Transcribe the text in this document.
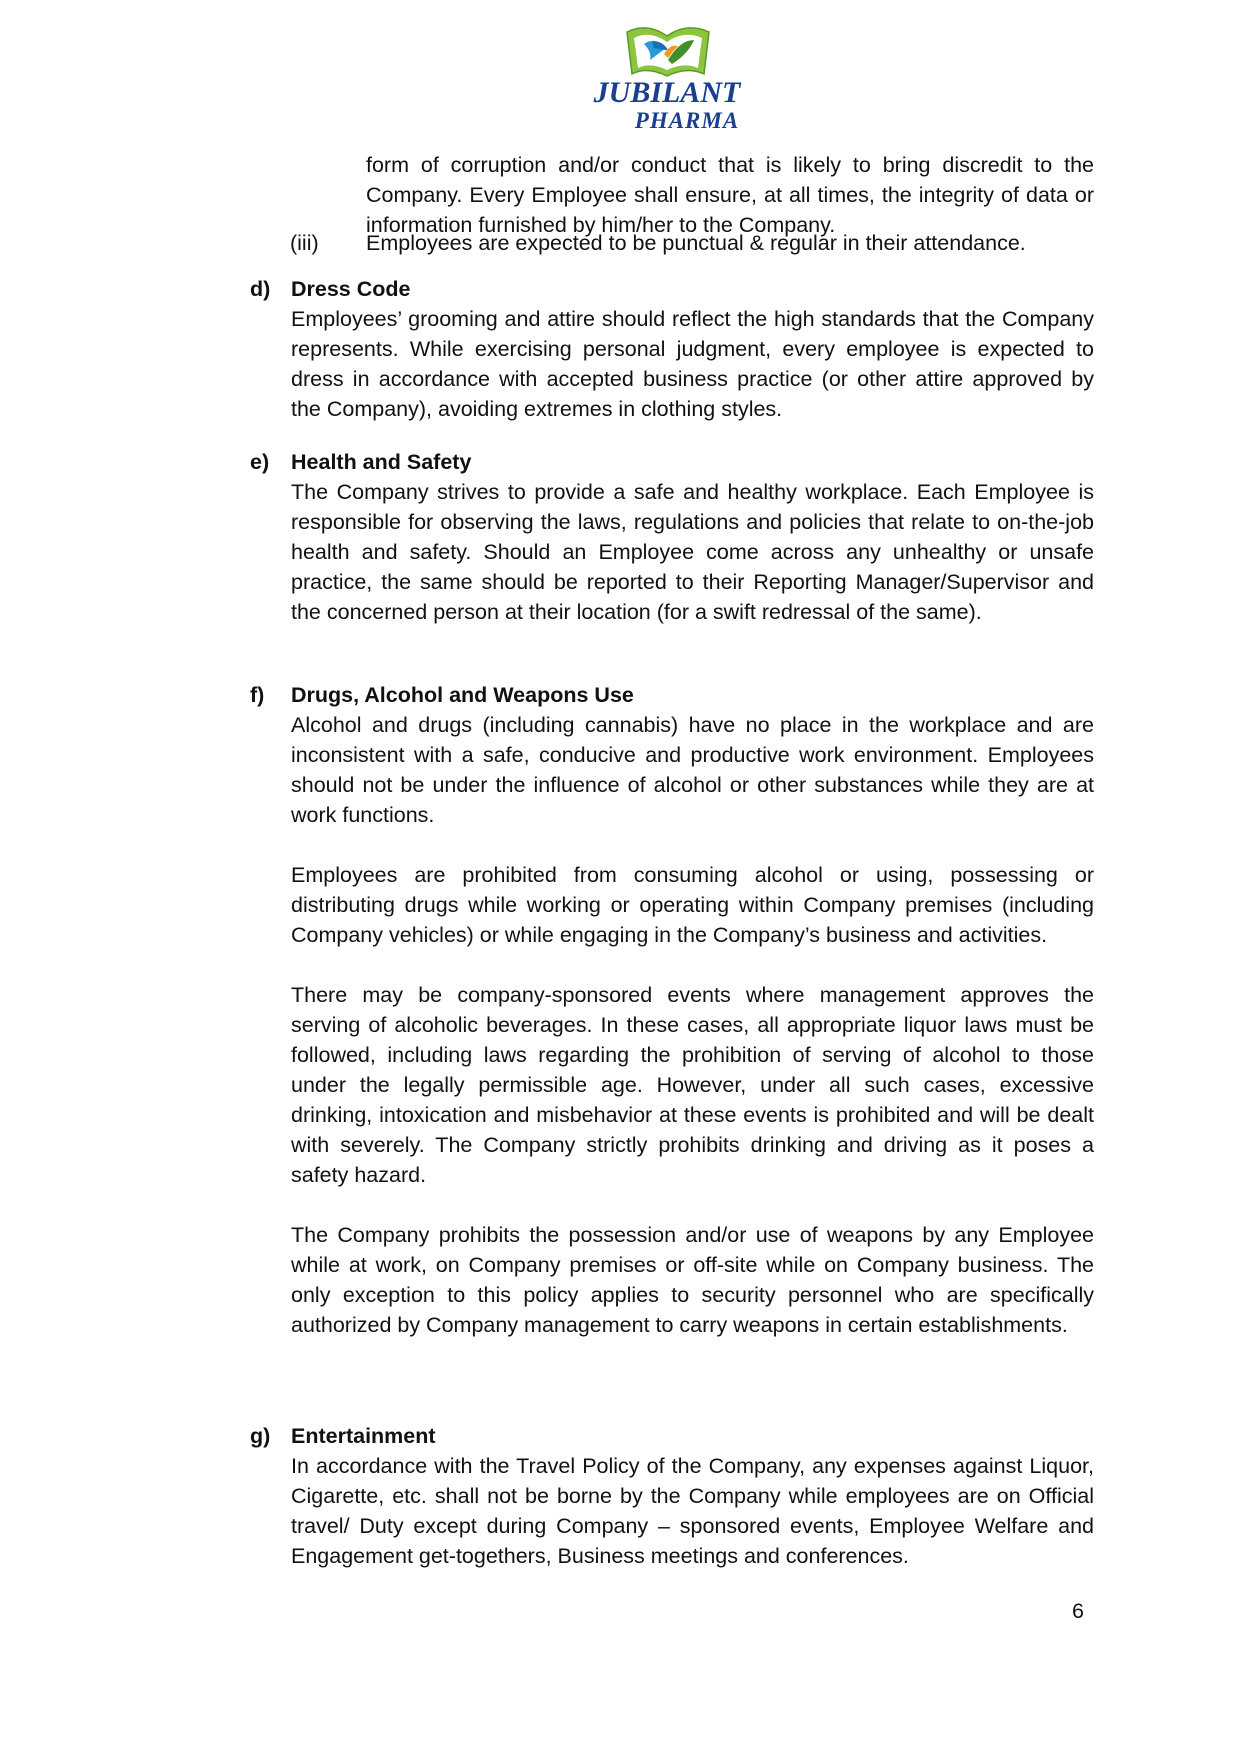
JUBILANT
PHARMA

form of corruption and/or conduct that is likely to bring discredit to the Company. Every Employee shall ensure, at all times, the integrity of data or information furnished by him/her to the Company.

(iii) Employees are expected to be punctual & regular in their attendance.
d) Dress Code

Employees’ grooming and attire should reflect the high standards that the Company represents. While exercising personal judgment, every employee is expected to dress in accordance with accepted business practice (or other attire approved by the Company), avoiding extremes in clothing styles.

e) Health and Safety

The Company strives to provide a safe and healthy workplace. Each Employee is responsible for observing the laws, regulations and policies that relate to on-the-job health and safety. Should an Employee come across any unhealthy or unsafe practice, the same should be reported to their Reporting Manager/Supervisor and the concerned person at their location (for a swift redressal of the same).

f) Drugs, Alcohol and Weapons Use

Alcohol and drugs (including cannabis) have no place in the workplace and are inconsistent with a safe, conducive and productive work environment. Employees should not be under the influence of alcohol or other substances while they are at work functions.

Employees are prohibited from consuming alcohol or using, possessing or distributing drugs while working or operating within Company premises (including Company vehicles) or while engaging in the Company’s business and activities.

There may be company-sponsored events where management approves the serving of alcoholic beverages. In these cases, all appropriate liquor laws must be followed, including laws regarding the prohibition of serving of alcohol to those under the legally permissible age. However, under all such cases, excessive drinking, intoxication and misbehavior at these events is prohibited and will be dealt with severely. The Company strictly prohibits drinking and driving as it poses a safety hazard.

The Company prohibits the possession and/or use of weapons by any Employee while at work, on Company premises or off-site while on Company business. The only exception to this policy applies to security personnel who are specifically authorized by Company management to carry weapons in certain establishments.

g) Entertainment

In accordance with the Travel Policy of the Company, any expenses against Liquor, Cigarette, etc. shall not be borne by the Company while employees are on Official travel/ Duty except during Company – sponsored events, Employee Welfare and Engagement get-togethers, Business meetings and conferences.

6
